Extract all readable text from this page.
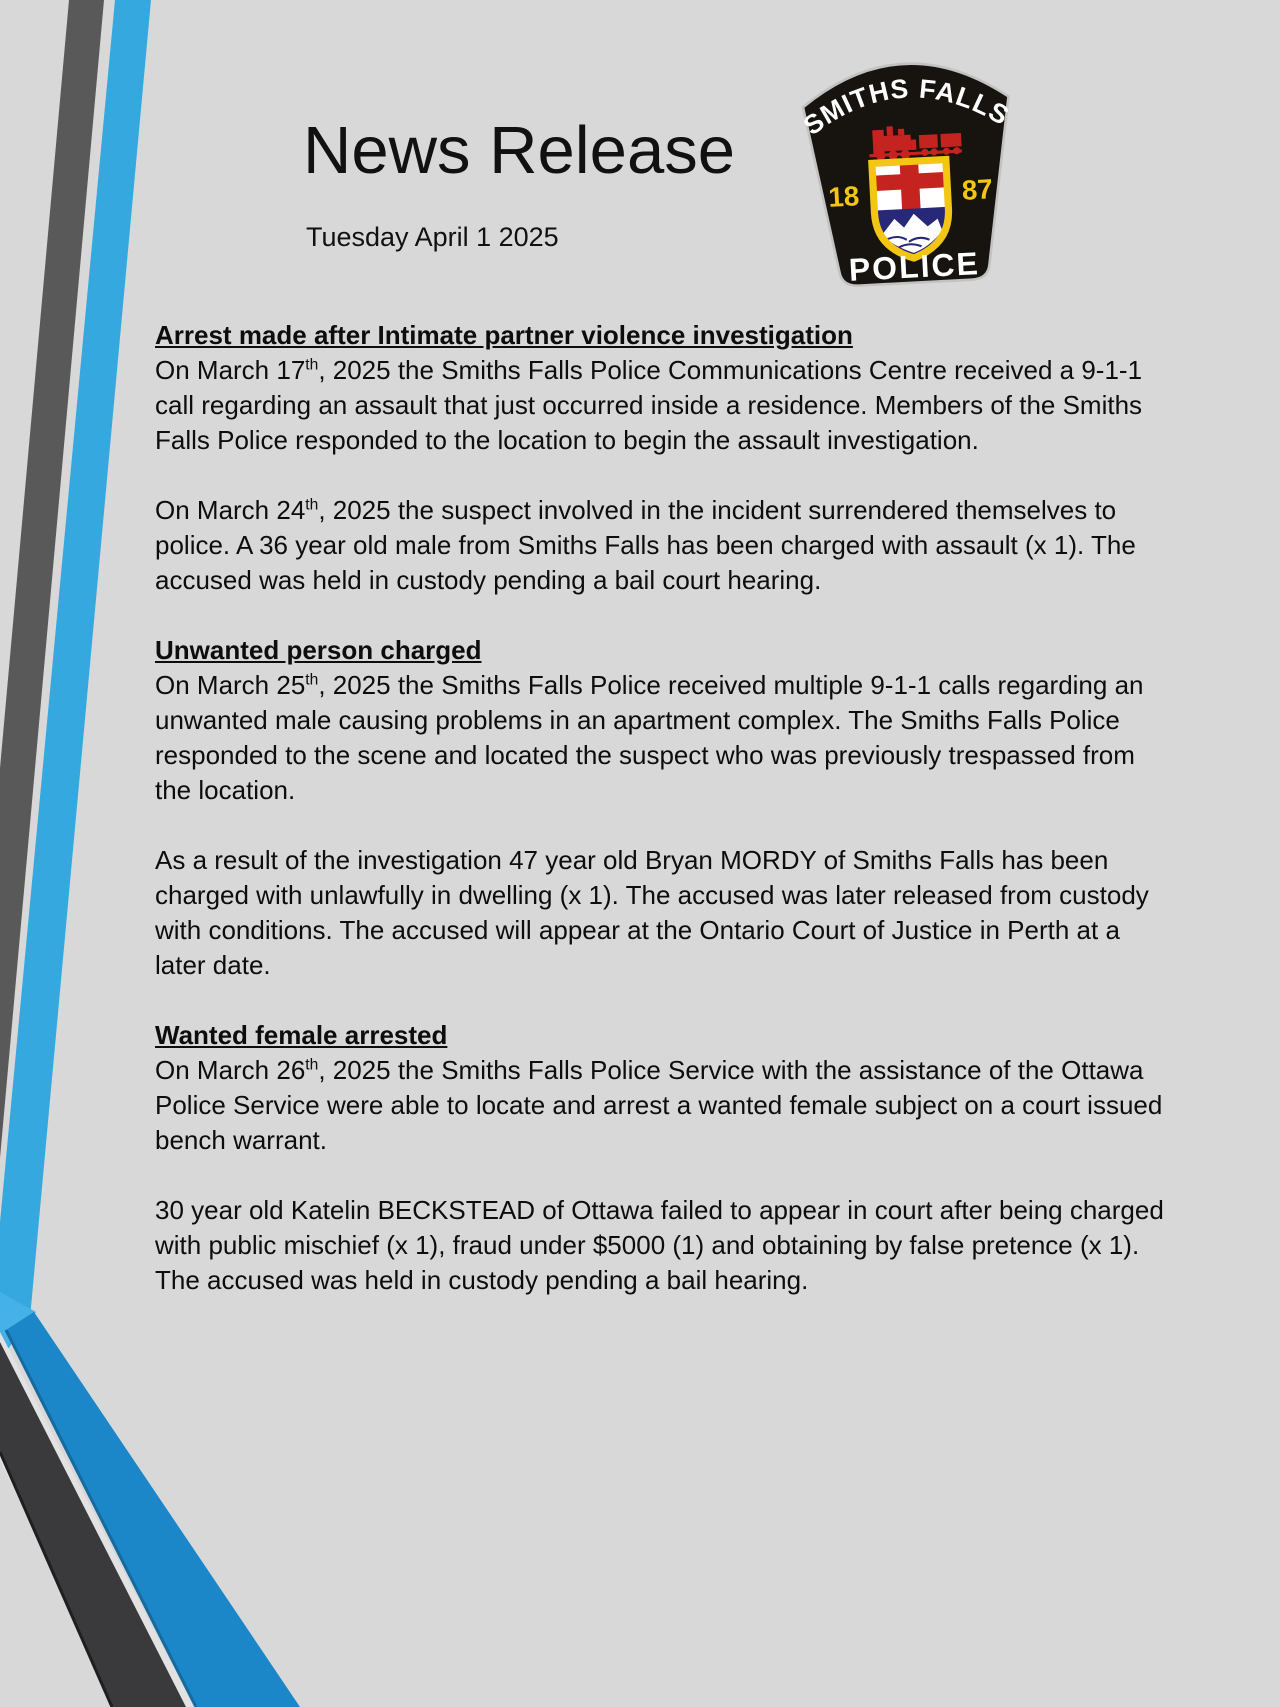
News Release
Tuesday April 1 2025
SMITHS FALLS
18	87
POLICE
Arrest made after Intimate partner violence investigation

On March 17th, 2025 the Smiths Falls Police Communications Centre received a 9-1-1 call regarding an assault that just occurred inside a residence. Members of the Smiths Falls Police responded to the location to begin the assault investigation.

On March 24th, 2025 the suspect involved in the incident surrendered themselves to police. A 36 year old male from Smiths Falls has been charged with assault (x 1). The accused was held in custody pending a bail court hearing.

Unwanted person charged

On March 25th, 2025 the Smiths Falls Police received multiple 9-1-1 calls regarding an unwanted male causing problems in an apartment complex. The Smiths Falls Police responded to the scene and located the suspect who was previously trespassed from the location.

As a result of the investigation 47 year old Bryan MORDY of Smiths Falls has been charged with unlawfully in dwelling (x 1). The accused was later released from custody with conditions. The accused will appear at the Ontario Court of Justice in Perth at a later date.

Wanted female arrested

On March 26th, 2025 the Smiths Falls Police Service with the assistance of the Ottawa Police Service were able to locate and arrest a wanted female subject on a court issued bench warrant.

30 year old Katelin BECKSTEAD of Ottawa failed to appear in court after being charged with public mischief (x 1), fraud under $5000 (1) and obtaining by false pretence (x 1). The accused was held in custody pending a bail hearing.
